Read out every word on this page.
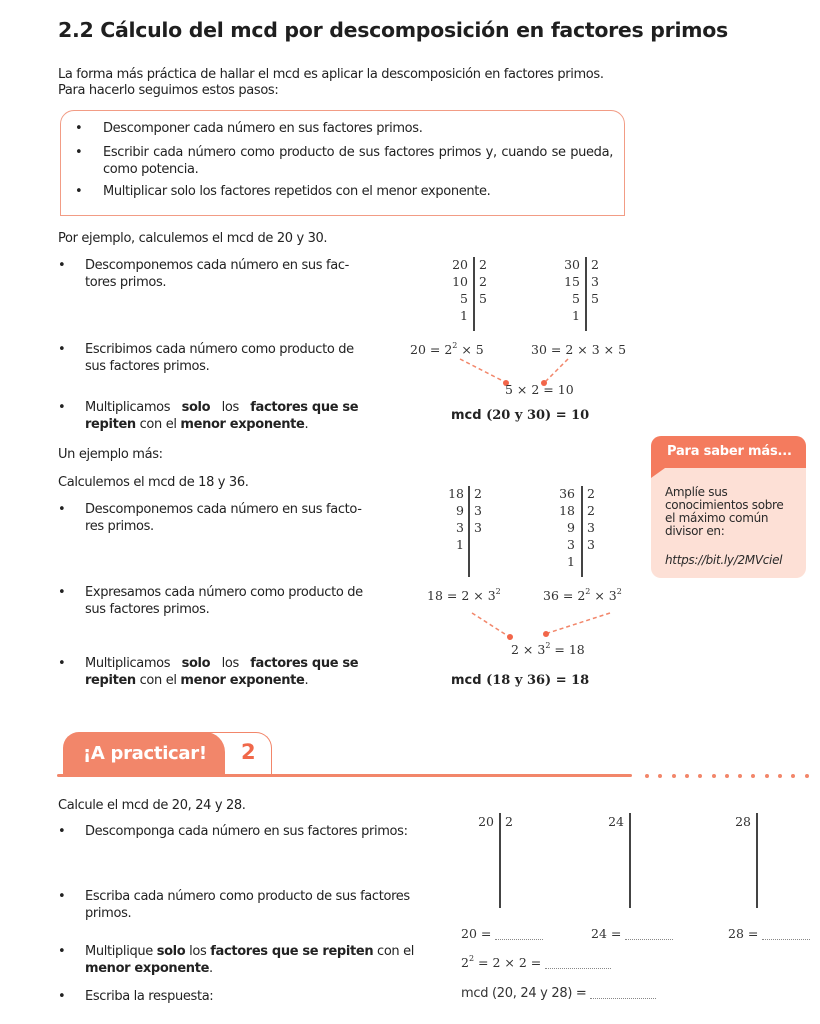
2.2 Cálculo del mcd por descomposición en factores primos
La forma más práctica de hallar el mcd es aplicar la descomposición en factores primos.
Para hacerlo seguimos estos pasos:
• Descomponer cada número en sus factores primos.
• Escribir cada número como producto de sus factores primos y, cuando se pueda, como potencia.
• Multiplicar solo los factores repetidos con el menor exponente.
Por ejemplo, calculemos el mcd de 20 y 30.
• Descomponemos cada número en sus fac-
tores primos.
• Escribimos cada número como producto de
sus factores primos.
• Multiplicamos solo los factores que se
repiten con el menor exponente.
20 2
10 2
5 5
1
30 2
15 3
5 5
1
$20 = 2^2 \times 5$	30 = 2 × 3 × 5
5 × 2 = 10
mcd (20 y 30) = 10
Para saber más...
Amplíe sus
conocimientos sobre
el máximo común
divisor en:
https://bit.ly/2MVciel
Un ejemplo más:
Calculemos el mcd de 18 y 36.
• Descomponemos cada número en sus facto-
res primos.
• Expresamos cada número como producto de
sus factores primos.
• Multiplicamos solo los factores que se
repiten con el menor exponente.
18 2
9 3
3 3
1
36 2
18 2
9 3
3 3
1
$18 = 2 \times 3^2$	$36 = 2^2 \times 3^2$
$2 \times 3^2 = 18$
mcd (18 y 36) = 18
¡A practicar! 2
Calcule el mcd de 20, 24 y 28.
• Descomponga cada número en sus factores primos:
• Escriba cada número como producto de sus factores
primos.
• Multiplique solo los factores que se repiten con el
menor exponente.
• Escriba la respuesta:
20 2	24	28
20 =	24 =	28 =
$2^2 = 2 \times 2$ =
mcd (20, 24 y 28) =
